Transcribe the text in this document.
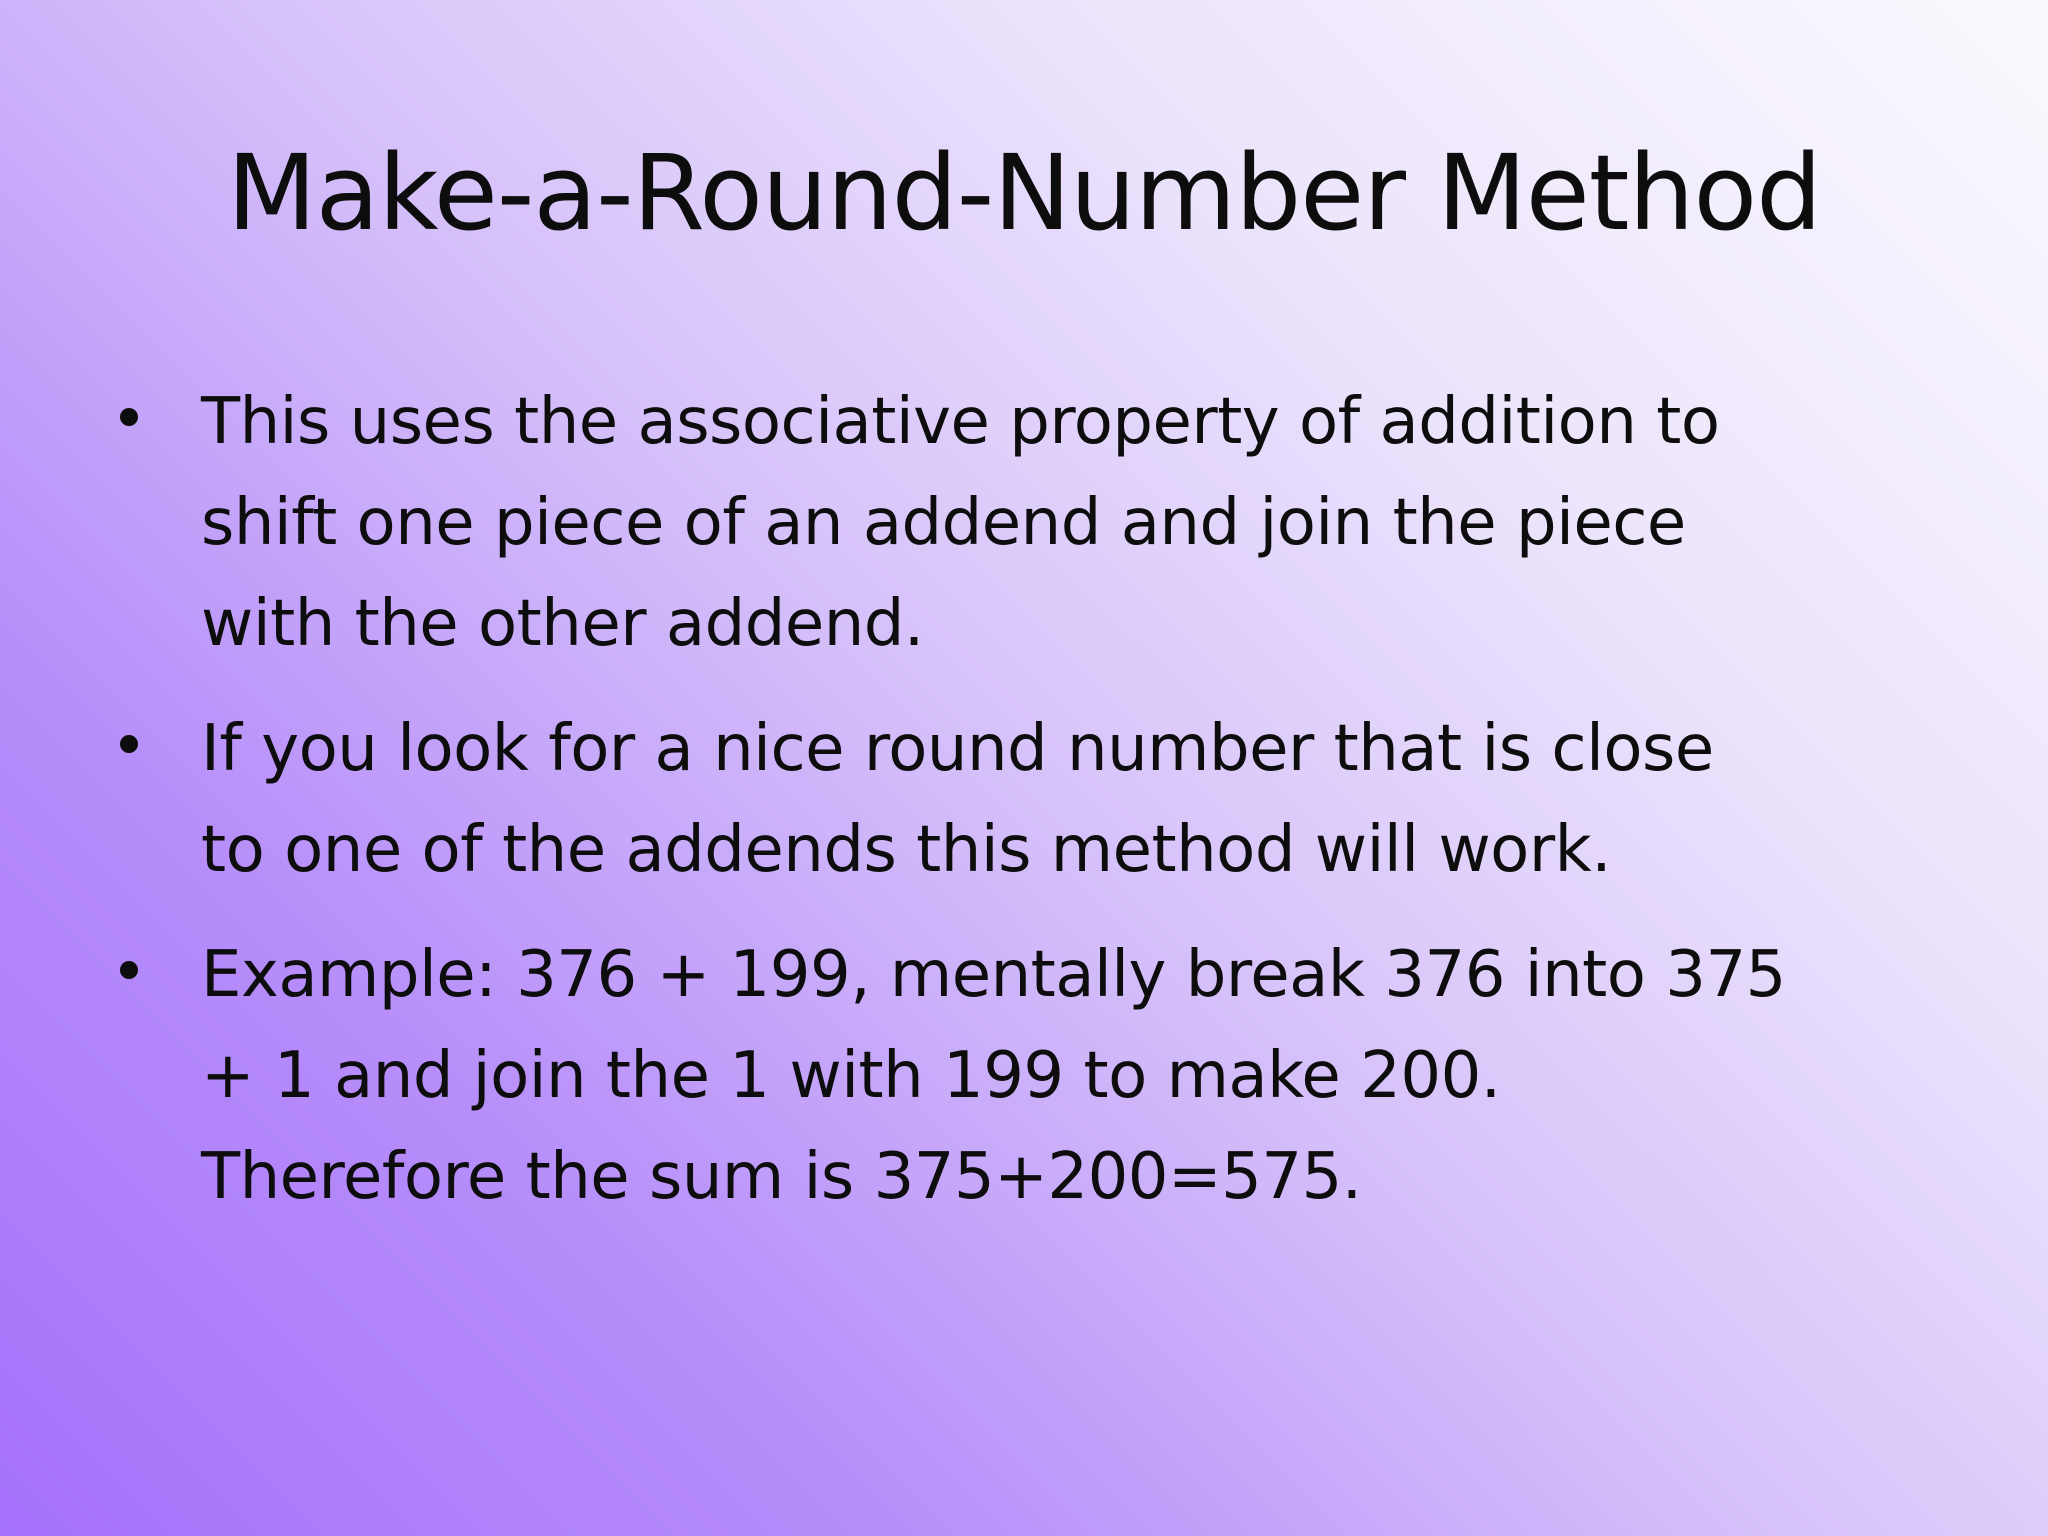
Make-a-Round-Number Method
This uses the associative property of addition to
shift one piece of an addend and join the piece
with the other addend.
If you look for a nice round number that is close
to one of the addends this method will work.
Example: 376 + 199, mentally break 376 into 375
+ 1 and join the 1 with 199 to make 200.
Therefore the sum is 375+200=575.
